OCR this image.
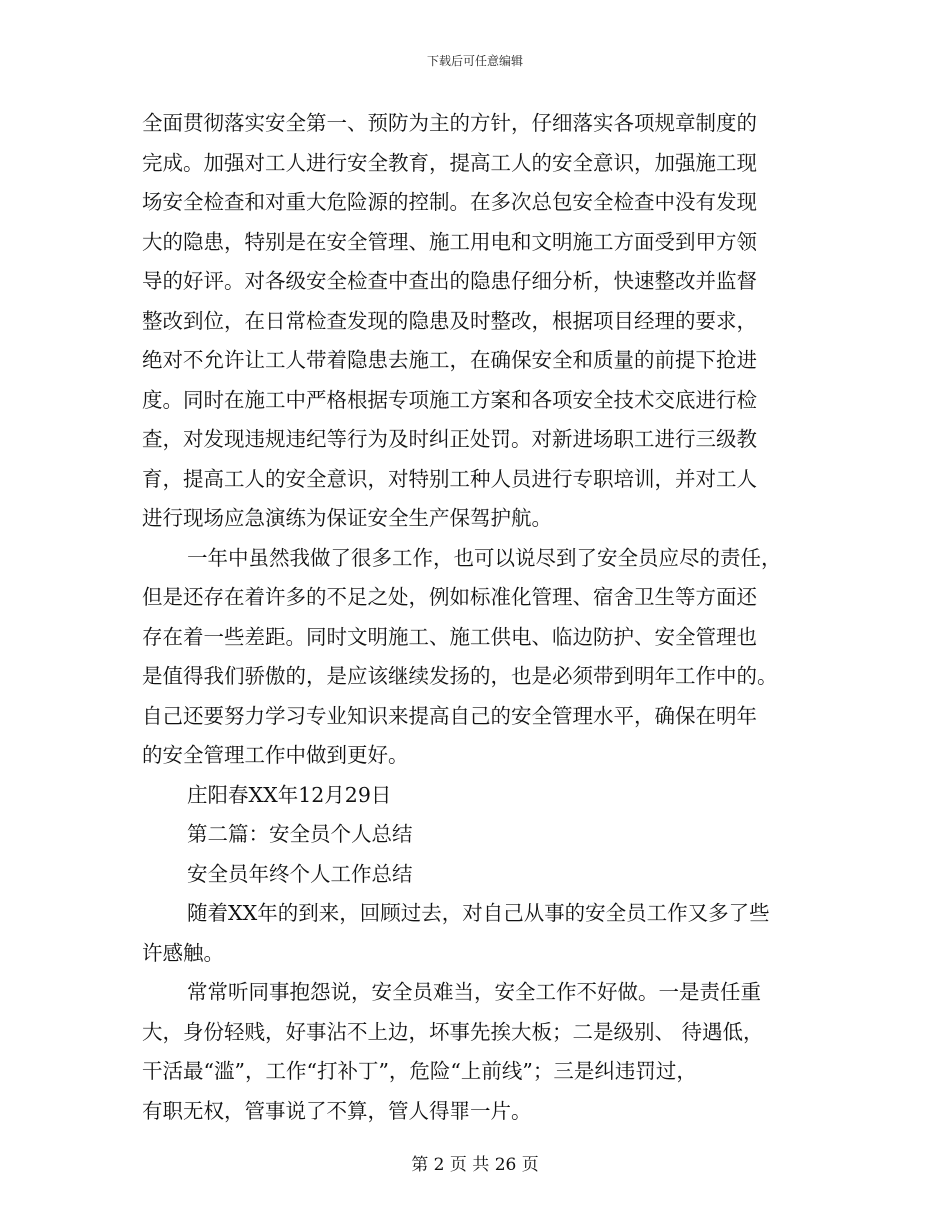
下载后可任意编辑
全面贯彻落实安全第一、预防为主的方针，仔细落实各项规章制度的
完成。加强对工人进行安全教育，提高工人的安全意识，加强施工现
场安全检查和对重大危险源的控制。在多次总包安全检查中没有发现
大的隐患，特别是在安全管理、施工用电和文明施工方面受到甲方领
导的好评。对各级安全检查中查出的隐患仔细分析，快速整改并监督
整改到位，在日常检查发现的隐患及时整改，根据项目经理的要求，
绝对不允许让工人带着隐患去施工，在确保安全和质量的前提下抢进
度。同时在施工中严格根据专项施工方案和各项安全技术交底进行检
查，对发现违规违纪等行为及时纠正处罚。对新进场职工进行三级教
育，提高工人的安全意识，对特别工种人员进行专职培训，并对工人
进行现场应急演练为保证安全生产保驾护航。
一年中虽然我做了很多工作，也可以说尽到了安全员应尽的责任，
但是还存在着许多的不足之处，例如标准化管理、宿舍卫生等方面还
存在着一些差距。同时文明施工、施工供电、临边防护、安全管理也
是值得我们骄傲的，是应该继续发扬的，也是必须带到明年工作中的。
自己还要努力学习专业知识来提高自己的安全管理水平，确保在明年
的安全管理工作中做到更好。
庄阳春XX年12月29日
第二篇：安全员个人总结
安全员年终个人工作总结
随着XX年的到来，回顾过去，对自己从事的安全员工作又多了些
许感触。
常常听同事抱怨说，安全员难当，安全工作不好做。一是责任重
大，身份轻贱，好事沾不上边，坏事先挨大板；二是级别、 待遇低，
干活最“滥”，工作“打补丁”，危险“上前线”；三是纠违罚过，
有职无权，管事说了不算，管人得罪一片。
第 2 页 共 26 页
